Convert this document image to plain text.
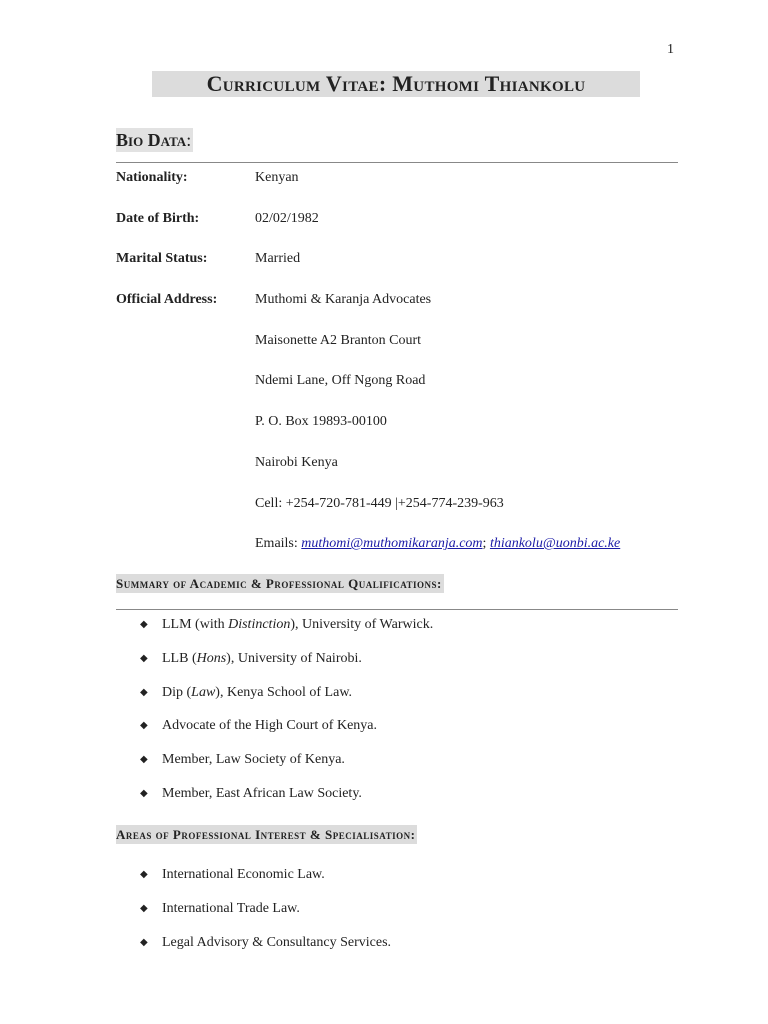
1
Curriculum Vitae: Muthomi Thiankolu
Bio Data:
Nationality:	Kenyan
Date of Birth:	02/02/1982
Marital Status:	Married
Official Address:	Muthomi & Karanja Advocates
Maisonette A2 Branton Court
Ndemi Lane, Off Ngong Road
P. O. Box 19893-00100
Nairobi Kenya
Cell: +254-720-781-449 |+254-774-239-963
Emails: muthomi@muthomikaranja.com; thiankolu@uonbi.ac.ke
Summary of Academic & Professional Qualifications:
◆ LLM (with Distinction), University of Warwick.
◆ LLB (Hons), University of Nairobi.
◆ Dip (Law), Kenya School of Law.
◆ Advocate of the High Court of Kenya.
◆ Member, Law Society of Kenya.
◆ Member, East African Law Society.
Areas of Professional Interest & Specialisation:
◆ International Economic Law.
◆ International Trade Law.
◆ Legal Advisory & Consultancy Services.
